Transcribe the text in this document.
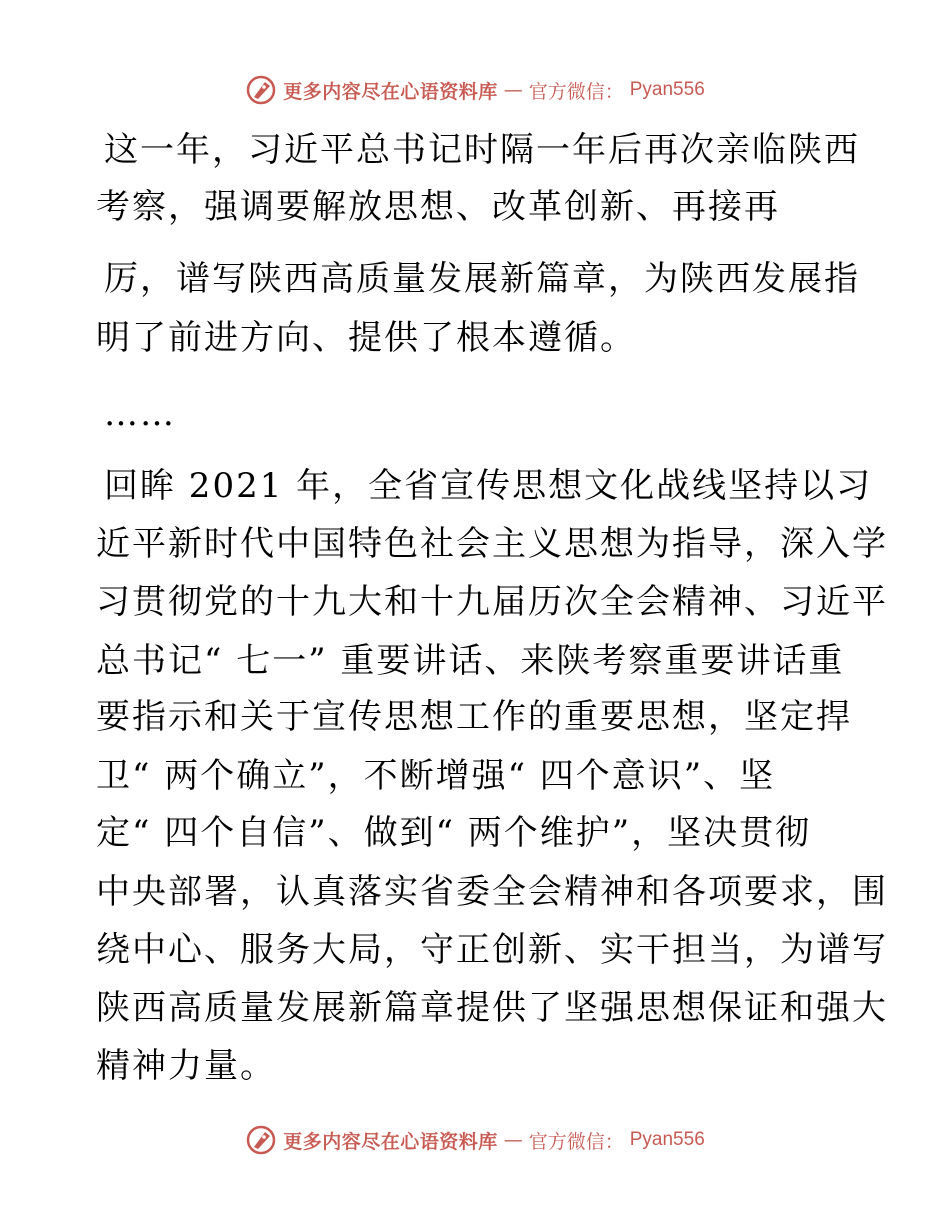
更多内容尽在心语资料库 — 官方微信： Pyan556

这一年，习近平总书记时隔一年后再次亲临陕西

考察，强调要解放思想、改革创新、再接再

厉，谱写陕西高质量发展新篇章，为陕西发展指

明了前进方向、提供了根本遵循。

……

回眸 2021 年，全省宣传思想文化战线坚持以习

近平新时代中国特色社会主义思想为指导，深入学

习贯彻党的十九大和十九届历次全会精神、习近平

总书记“ 七一” 重要讲话、来陕考察重要讲话重

要指示和关于宣传思想工作的重要思想，坚定捍

卫“ 两个确立”，不断增强“ 四个意识”、坚

定“ 四个自信”、做到“ 两个维护”，坚决贯彻

中央部署，认真落实省委全会精神和各项要求，围

绕中心、服务大局，守正创新、实干担当，为谱写

陕西高质量发展新篇章提供了坚强思想保证和强大

精神力量。

更多内容尽在心语资料库 — 官方微信： Pyan556
